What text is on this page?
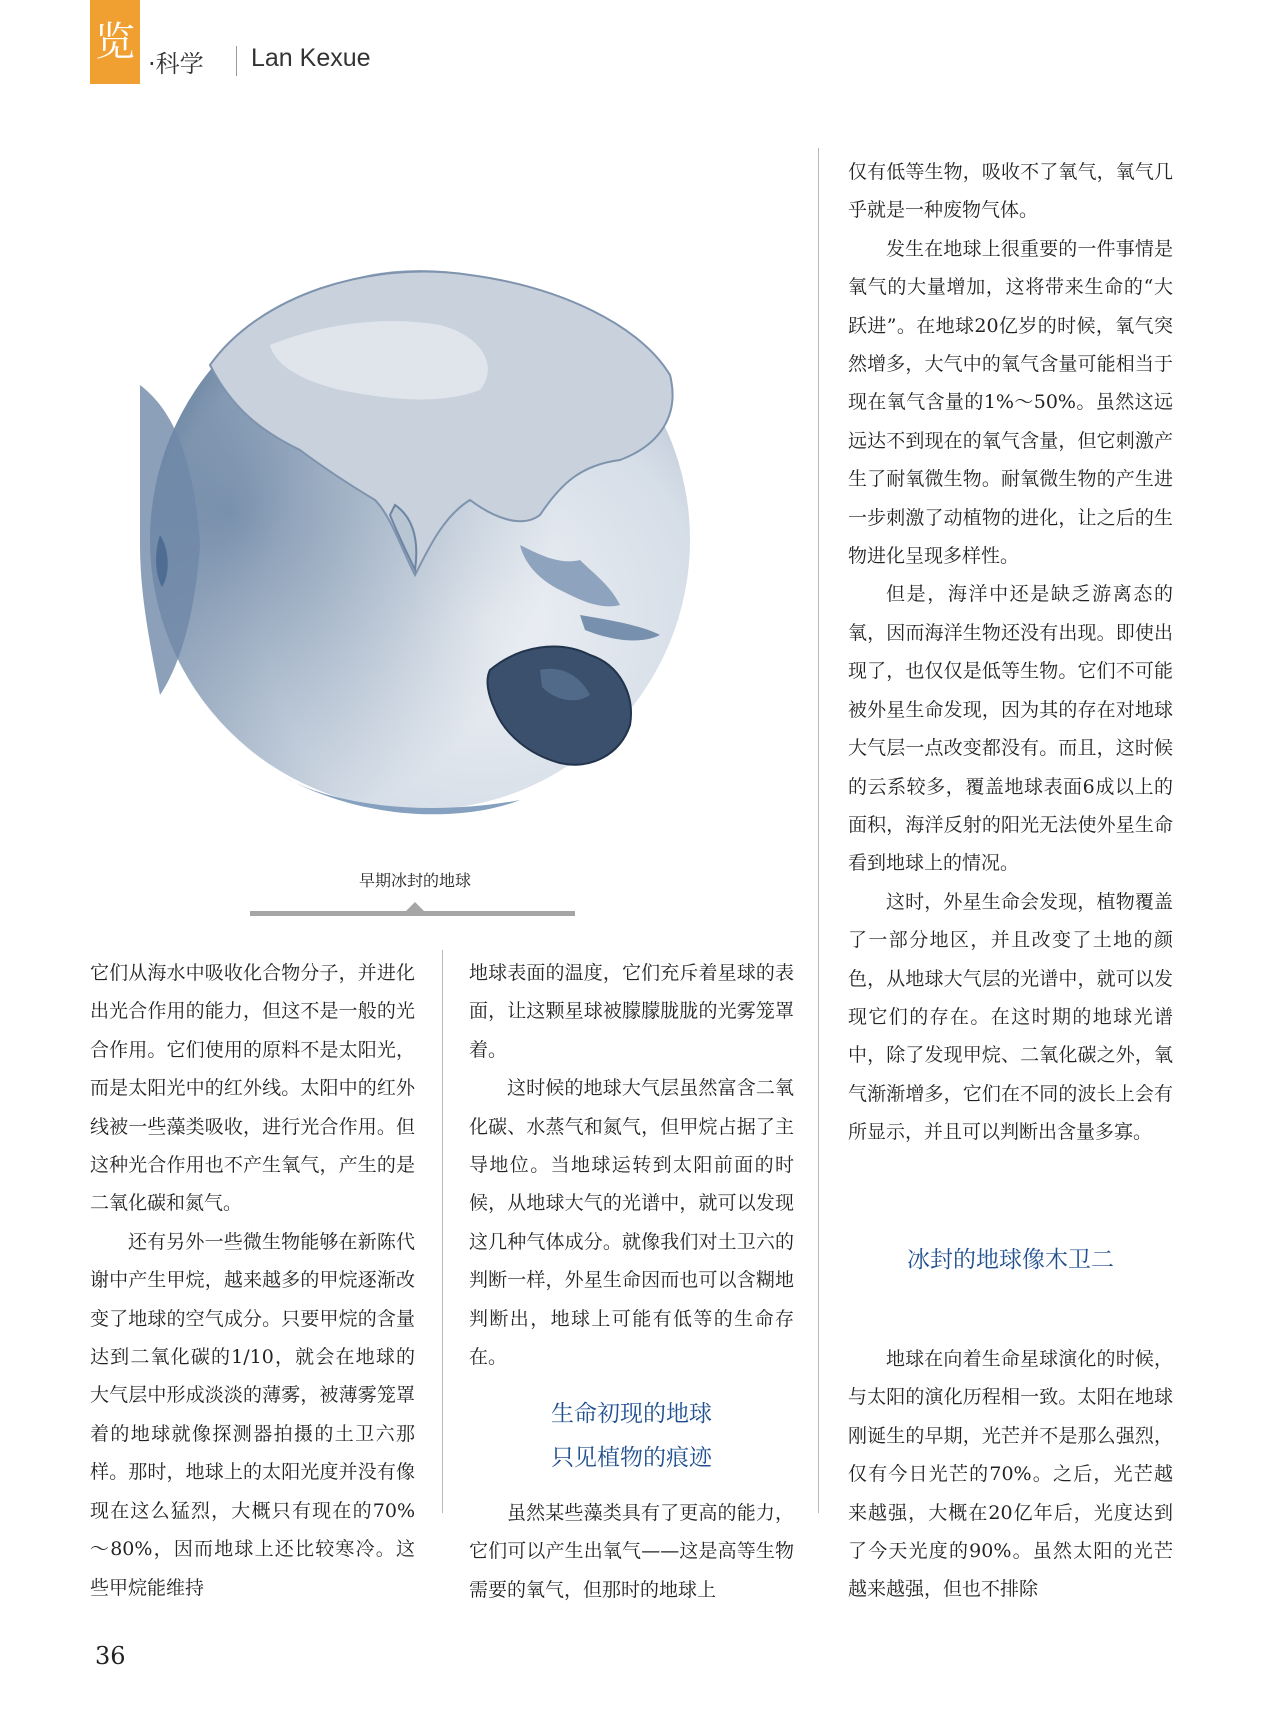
览 ·科学 Lan Kexue
早期冰封的地球

仅有低等生物，吸收不了氧气，氧气几乎就是一种废物气体。

发生在地球上很重要的一件事情是氧气的大量增加，这将带来生命的“大跃进”。在地球20亿岁的时候，氧气突然增多，大气中的氧气含量可能相当于现在氧气含量的1%～50%。虽然这远远达不到现在的氧气含量，但它刺激产生了耐氧微生物。耐氧微生物的产生进一步刺激了动植物的进化，让之后的生物进化呈现多样性。

但是，海洋中还是缺乏游离态的氧，因而海洋生物还没有出现。即使出现了，也仅仅是低等生物。它们不可能被外星生命发现，因为其的存在对地球大气层一点改变都没有。而且，这时候的云系较多，覆盖地球表面6成以上的面积，海洋反射的阳光无法使外星生命看到地球上的情况。

这时，外星生命会发现，植物覆盖了一部分地区，并且改变了土地的颜色，从地球大气层的光谱中，就可以发现它们的存在。在这时期的地球光谱中，除了发现甲烷、二氧化碳之外，氧气渐渐增多，它们在不同的波长上会有所显示，并且可以判断出含量多寡。

冰封的地球像木卫二

地球在向着生命星球演化的时候，与太阳的演化历程相一致。太阳在地球刚诞生的早期，光芒并不是那么强烈，仅有今日光芒的70%。之后，光芒越来越强，大概在20亿年后，光度达到了今天光度的90%。虽然太阳的光芒越来越强，但也不排除

它们从海水中吸收化合物分子，并进化出光合作用的能力，但这不是一般的光合作用。它们使用的原料不是太阳光，而是太阳光中的红外线。太阳中的红外线被一些藻类吸收，进行光合作用。但这种光合作用也不产生氧气，产生的是二氧化碳和氮气。

还有另外一些微生物能够在新陈代谢中产生甲烷，越来越多的甲烷逐渐改变了地球的空气成分。只要甲烷的含量达到二氧化碳的1/10，就会在地球的大气层中形成淡淡的薄雾，被薄雾笼罩着的地球就像探测器拍摄的土卫六那样。那时，地球上的太阳光度并没有像现在这么猛烈，大概只有现在的70%～80%，因而地球上还比较寒冷。这些甲烷能维持

地球表面的温度，它们充斥着星球的表面，让这颗星球被朦朦胧胧的光雾笼罩着。

这时候的地球大气层虽然富含二氧化碳、水蒸气和氮气，但甲烷占据了主导地位。当地球运转到太阳前面的时候，从地球大气的光谱中，就可以发现这几种气体成分。就像我们对土卫六的判断一样，外星生命因而也可以含糊地判断出，地球上可能有低等的生命存在。

生命初现的地球
只见植物的痕迹

虽然某些藻类具有了更高的能力，它们可以产生出氧气——这是高等生物需要的氧气，但那时的地球上

36
